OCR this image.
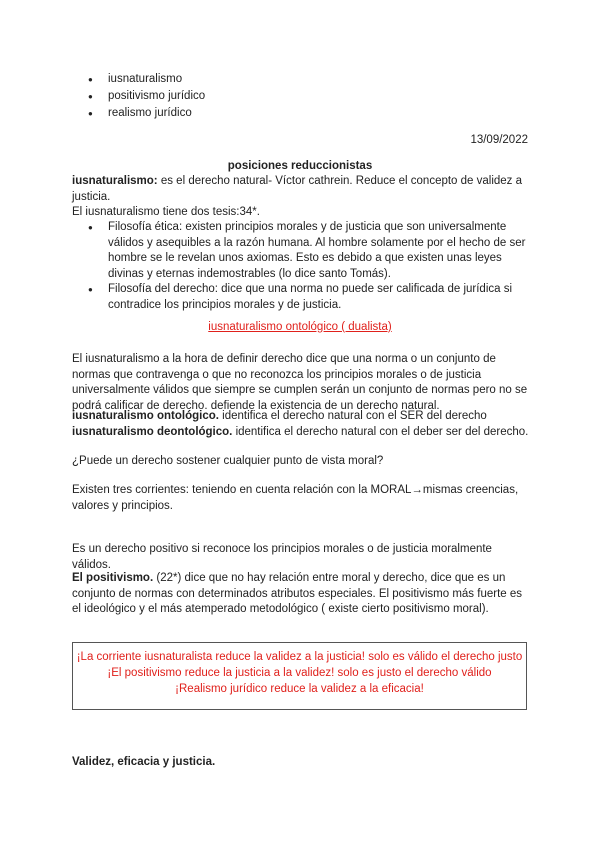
● iusnaturalismo
● positivismo jurídico
● realismo jurídico
13/09/2022
posiciones reduccionistas
iusnaturalismo: es el derecho natural- Víctor cathrein. Reduce el concepto de validez a justicia.
El iusnaturalismo tiene dos tesis:34*.
● Filosofía ética: existen principios morales y de justicia que son universalmente válidos y asequibles a la razón humana. Al hombre solamente por el hecho de ser hombre se le revelan unos axiomas. Esto es debido a que existen unas leyes divinas y eternas indemostrables (lo dice santo Tomás).
● Filosofía del derecho: dice que una norma no puede ser calificada de jurídica si contradice los principios morales y de justicia.
iusnaturalismo ontológico ( dualista)
El iusnaturalismo a la hora de definir derecho dice que una norma o un conjunto de normas que contravenga o que no reconozca los principios morales o de justicia universalmente válidos que siempre se cumplen serán un conjunto de normas pero no se podrá calificar de derecho. defiende la existencia de un derecho natural.
iusnaturalismo ontológico. identifica el derecho natural con el SER del derecho
iusnaturalismo deontológico. identifica el derecho natural con el deber ser del derecho.
¿Puede un derecho sostener cualquier punto de vista moral?
Existen tres corrientes: teniendo en cuenta relación con la MORAL→mismas creencias, valores y principios.
Es un derecho positivo si reconoce los principios morales o de justicia moralmente válidos.
El positivismo. (22*) dice que no hay relación entre moral y derecho, dice que es un conjunto de normas con determinados atributos especiales. El positivismo más fuerte es el ideológico y el más atemperado metodológico ( existe cierto positivismo moral).
¡La corriente iusnaturalista reduce la validez a la justicia! solo es válido el derecho justo
¡El positivismo reduce la justicia a la validez! solo es justo el derecho válido
¡Realismo jurídico reduce la validez a la eficacia!
Validez, eficacia y justicia.
